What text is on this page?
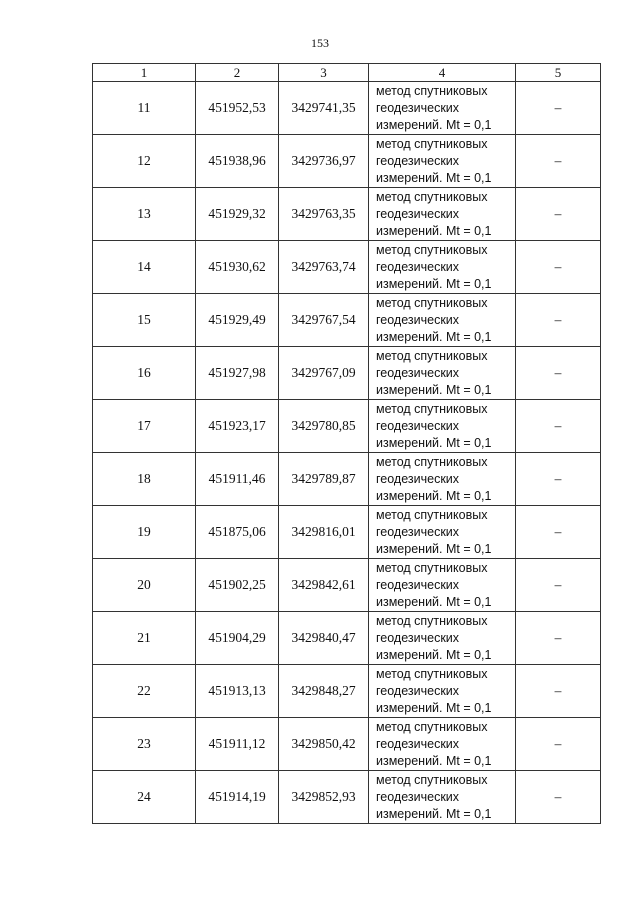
153
1	2	3	4	5
11	451952,53	3429741,35	метод спутниковых
геодезических
измерений. Mt = 0,1	–
12	451938,96	3429736,97	метод спутниковых
геодезических
измерений. Mt = 0,1	–
13	451929,32	3429763,35	метод спутниковых
геодезических
измерений. Mt = 0,1	–
14	451930,62	3429763,74	метод спутниковых
геодезических
измерений. Mt = 0,1	–
15	451929,49	3429767,54	метод спутниковых
геодезических
измерений. Mt = 0,1	–
16	451927,98	3429767,09	метод спутниковых
геодезических
измерений. Mt = 0,1	–
17	451923,17	3429780,85	метод спутниковых
геодезических
измерений. Mt = 0,1	–
18	451911,46	3429789,87	метод спутниковых
геодезических
измерений. Mt = 0,1	–
19	451875,06	3429816,01	метод спутниковых
геодезических
измерений. Mt = 0,1	–
20	451902,25	3429842,61	метод спутниковых
геодезических
измерений. Mt = 0,1	–
21	451904,29	3429840,47	метод спутниковых
геодезических
измерений. Mt = 0,1	–
22	451913,13	3429848,27	метод спутниковых
геодезических
измерений. Mt = 0,1	–
23	451911,12	3429850,42	метод спутниковых
геодезических
измерений. Mt = 0,1	–
24	451914,19	3429852,93	метод спутниковых
геодезических
измерений. Mt = 0,1	–
